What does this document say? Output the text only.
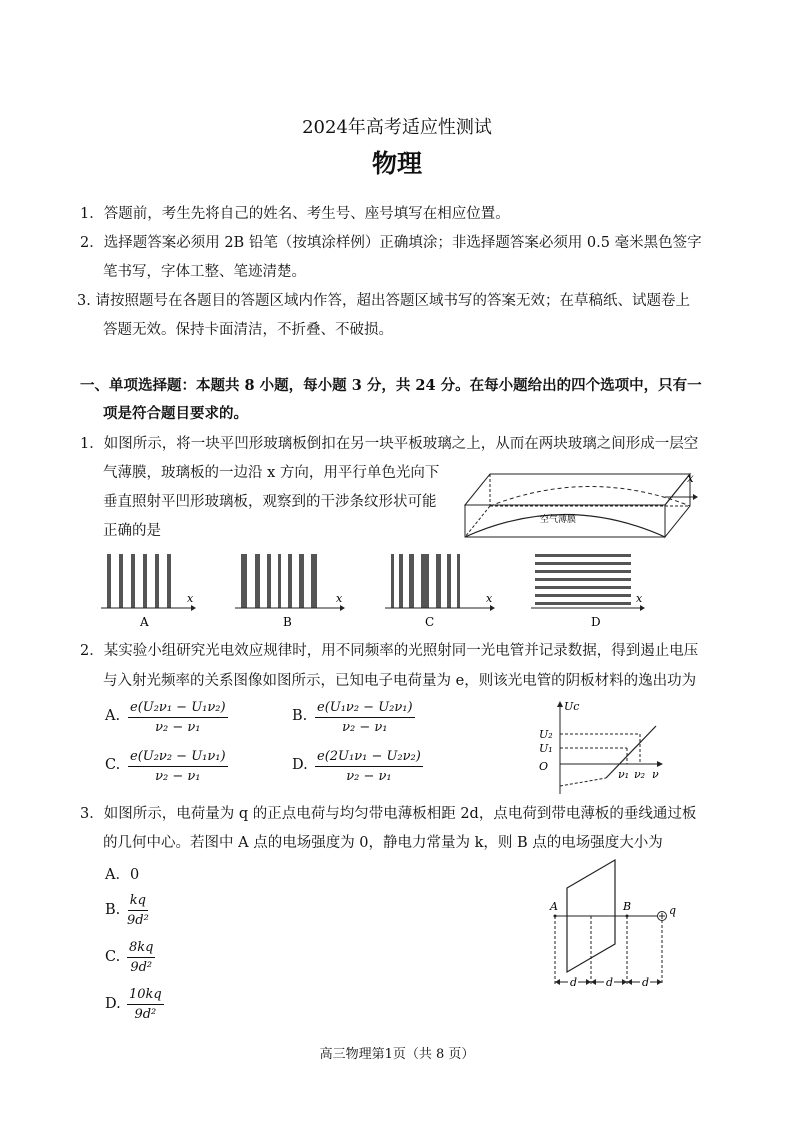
2024年高考适应性测试
物理
1．答题前，考生先将自己的姓名、考生号、座号填写在相应位置。
2．选择题答案必须用 2B 铅笔（按填涂样例）正确填涂；非选择题答案必须用 0.5 毫米黑色签字
笔书写，字体工整、笔迹清楚。
3. 请按照题号在各题目的答题区域内作答，超出答题区域书写的答案无效；在草稿纸、试题卷上
答题无效。保持卡面清洁，不折叠、不破损。
一、单项选择题：本题共 8 小题，每小题 3 分，共 24 分。在每小题给出的四个选项中，只有一
项是符合题目要求的。
1．如图所示，将一块平凹形玻璃板倒扣在另一块平板玻璃之上，从而在两块玻璃之间形成一层空
气薄膜，玻璃板的一边沿 x 方向，用平行单色光向下
垂直照射平凹形玻璃板，观察到的干涉条纹形状可能
正确的是
x
空气薄膜
x
A
x
B
x
C
x
D
2．某实验小组研究光电效应规律时，用不同频率的光照射同一光电管并记录数据，得到遏止电压
与入射光频率的关系图像如图所示，已知电子电荷量为 e，则该光电管的阴板材料的逸出功为
A. $\frac{\text{e(U₂ν₁ − U₁ν₂)}}{\text{ν₂ − ν₁}}$	B. $\frac{\text{e(U₁ν₂ − U₂ν₁)}}{\text{ν₂ − ν₁}}$
C. $\frac{\text{e(U₂ν₂ − U₁ν₁)}}{\text{ν₂ − ν₁}}$	D. $\frac{\text{e(2U₁ν₁ − U₂ν₂)}}{\text{ν₂ − ν₁}}$
Uc
U₂
U₁
O
ν₁ ν₂ ν
3．如图所示，电荷量为 q 的正点电荷与均匀带电薄板相距 2d，点电荷到带电薄板的垂线通过板
的几何中心。若图中 A 点的电场强度为 0，静电力常量为 k，则 B 点的电场强度大小为
A．0
B. $\frac{kq}{\text{9d²}}$
C. $\frac{8kq}{\text{9d²}}$
D. $\frac{10kq}{\text{9d²}}$
A	B	q
d	d	d
高三物理第1页（共 8 页）
